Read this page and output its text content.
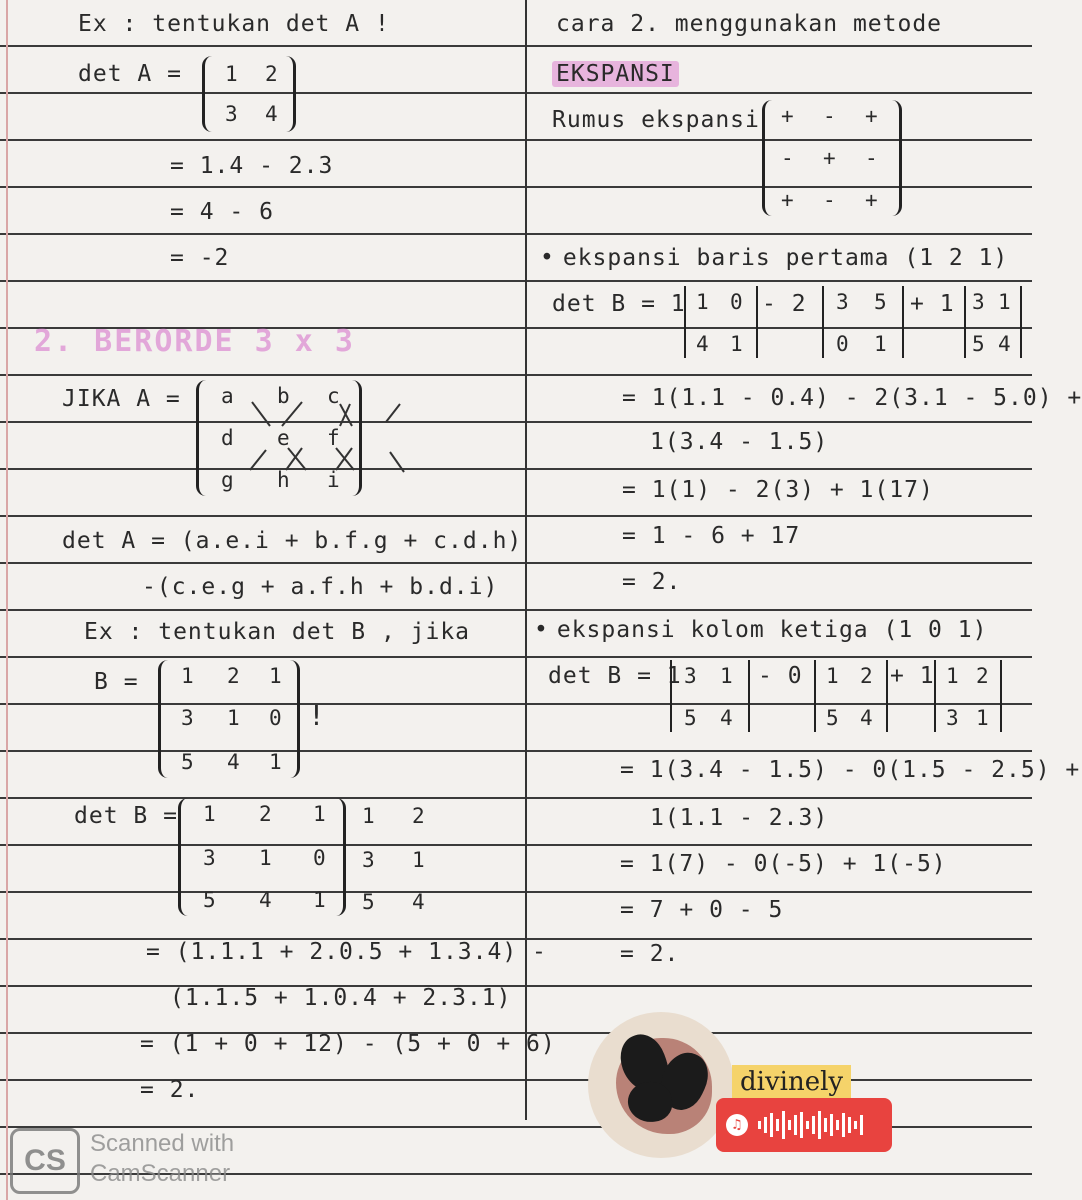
Ex : tentukan det A !
det A = 1 2
3 4
= 1.4 - 2.3
= 4 - 6
= -2
2. BERORDE 3 x 3
JIKA A = a b c
d e f
g h i
det A = (a.e.i + b.f.g + c.d.h)
-(c.e.g + a.f.h + b.d.i)
Ex : tentukan det B , jika
B = 1 2 1
3 1 0
5 4 1
!
det B = 1 2 1
3 1 0
5 4 1
1 2
3 1
5 4
= (1.1.1 + 2.0.5 + 1.3.4) -
(1.1.5 + 1.0.4 + 2.3.1)
= (1 + 0 + 12) - (5 + 0 + 6)
= 2.
cara 2. menggunakan metode
EKSPANSI
Rumus ekspansi + - +
- + -
+ - +
• ekspansi baris pertama (1 2 1)
det B = 1 1 0
4 1
- 2 3 5
0 1
+ 1 3 1
5 4
= 1(1.1 - 0.4) - 2(3.1 - 5.0) +
1(3.4 - 1.5)
= 1(1) - 2(3) + 1(17)
= 1 - 6 + 17
= 2.
• ekspansi kolom ketiga (1 0 1)
det B = 1 3 1
5 4
- 0 1 2
5 4
+ 1 1 2
3 1
= 1(3.4 - 1.5) - 0(1.5 - 2.5) +
1(1.1 - 2.3)
= 1(7) - 0(-5) + 1(-5)
= 7 + 0 - 5
= 2.
divinely
♫
CS
Scanned with
CamScanner
